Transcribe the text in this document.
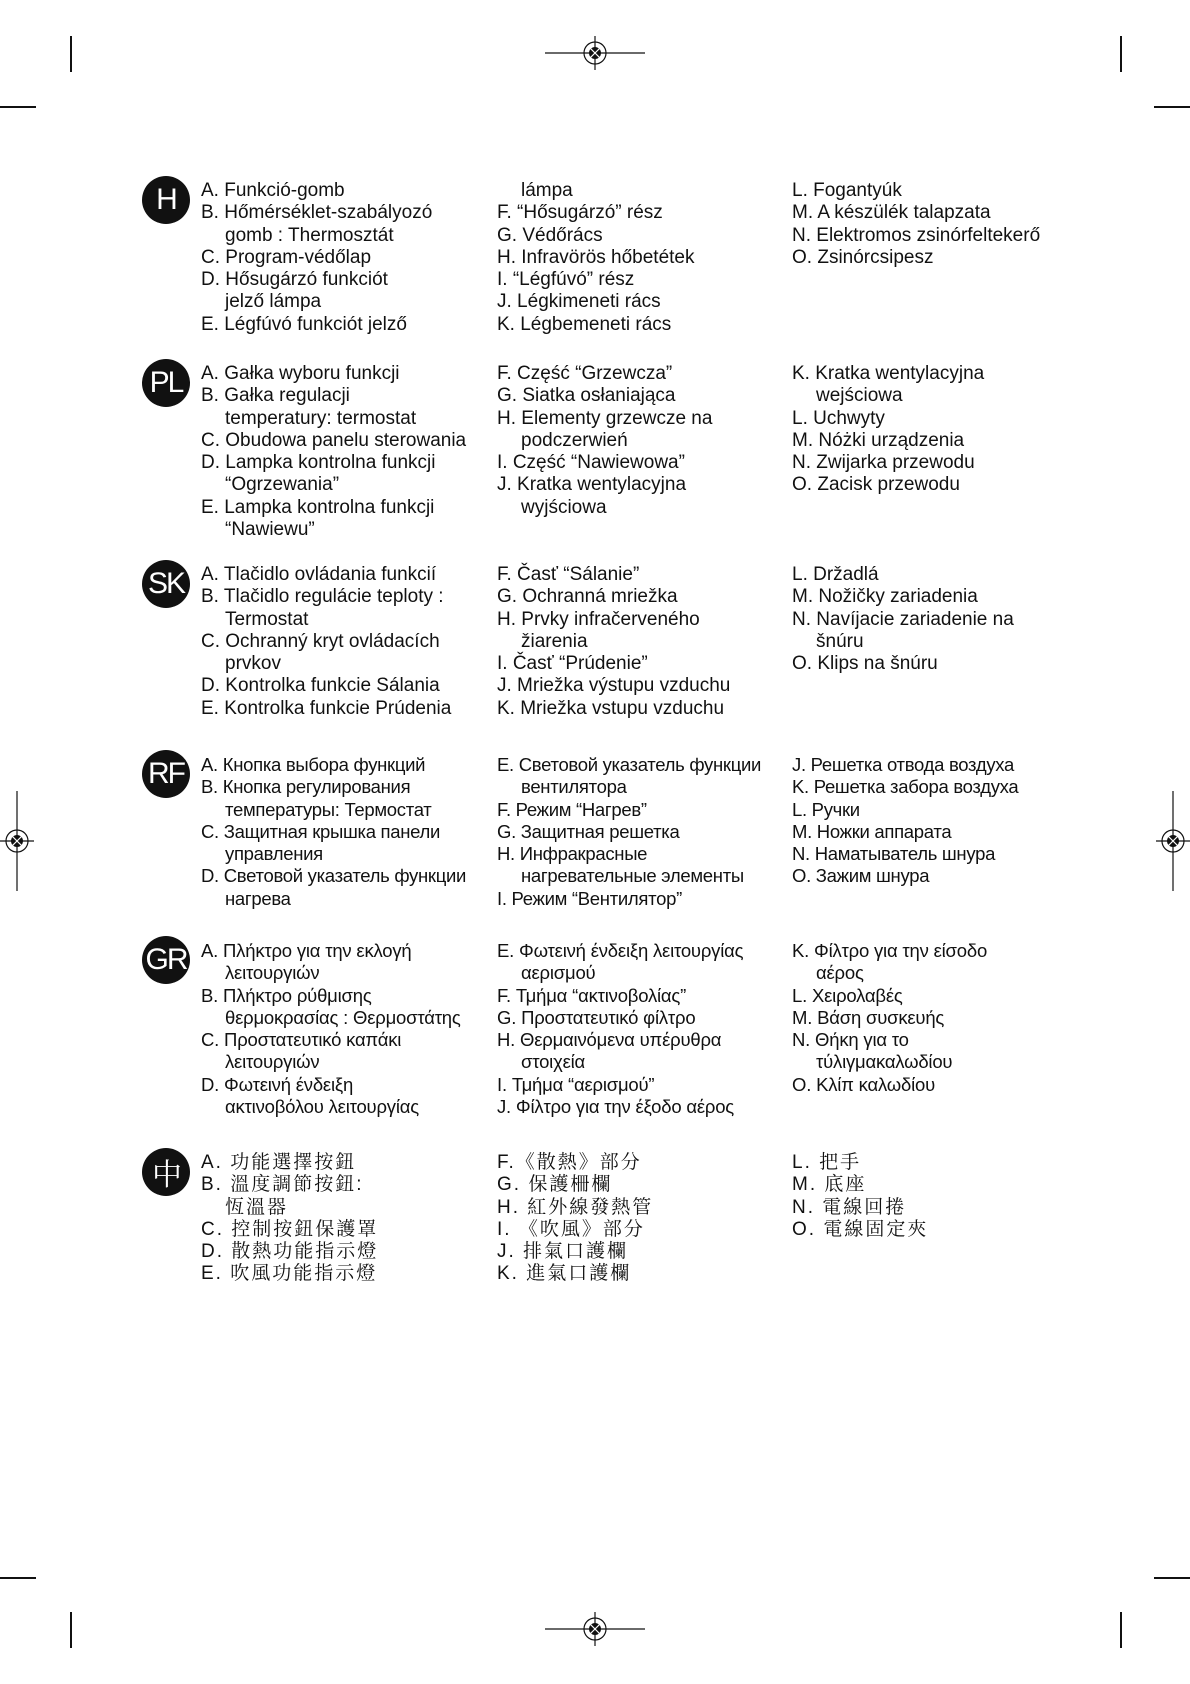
H	A. Funkció-gomb
B. Hőmérséklet-szabályozó
gomb : Thermosztát
C. Program-védőlap
D. Hősugárzó funkciót
jelző lámpa
E. Légfúvó funkciót jelző
lámpa
F. “Hősugárzó” rész
G. Védőrács
H. Infravörös hőbetétek
I. “Légfúvó” rész
J. Légkimeneti rács
K. Légbemeneti rács
L. Fogantyúk
M. A készülék talapzata
N. Elektromos zsinórfeltekerő
O. Zsinórcsipesz
PL A. Gałka wyboru funkcji
B. Gałka regulacji
temperatury: termostat
C. Obudowa panelu sterowania
D. Lampka kontrolna funkcji
“Ogrzewania”
E. Lampka kontrolna funkcji
“Nawiewu”
F. Część “Grzewcza”
G. Siatka osłaniająca
H. Elementy grzewcze na
podczerwień
I. Część “Nawiewowa”
J. Kratka wentylacyjna
wyjściowa
K. Kratka wentylacyjna
wejściowa
L. Uchwyty
M. Nóżki urządzenia
N. Zwijarka przewodu
O. Zacisk przewodu
SK A. Tlačidlo ovládania funkcií
B. Tlačidlo regulácie teploty :
Termostat
C. Ochranný kryt ovládacích
prvkov
D. Kontrolka funkcie Sálania
E. Kontrolka funkcie Prúdenia
F. Časť “Sálanie”
G. Ochranná mriežka
H. Prvky infračerveného
žiarenia
I. Časť “Prúdenie”
J. Mriežka výstupu vzduchu
K. Mriežka vstupu vzduchu
L. Držadlá
M. Nožičky zariadenia
N. Navíjacie zariadenie na
šnúru
O. Klips na šnúru
RF A. Кнопка выбора функций
B. Кнопка регулирования
температуры: Термостат
C. Защитная крышка панели
управления
D. Световой указатель функции
нагрева
E. Световой указатель функции
вентилятора
F. Режим “Нагрев”
G. Защитная решетка
H. Инфракрасные
нагревательные элементы
I. Режим “Вентилятор”
J. Решетка отвода воздуха
K. Решетка забора воздуха
L. Ручки
M. Ножки аппарата
N. Наматыватель шнура
O. Зажим шнура
GR A. Πλήκτρο για την εκλογή
λειτουργιών
B. Πλήκτρο ρύθμισης
θερμοκρασίας : Θερμοστάτης
C. Προστατευτικό καπάκι
λειτουργιών
D. Φωτεινή ένδειξη
ακτινοβόλου λειτουργίας
E. Φωτεινή ένδειξη λειτουργίας
αερισμού
F. Τμήμα “ακτινοβολίας”
G. Προστατευτικό φίλτρο
H. Θερμαινόμενα υπέρυθρα
στοιχεία
I. Τμήμα “αερισμού”
J. Φίλτρο για την έξοδο αέρος
K. Φίλτρο για την είσοδο
αέρος
L. Χειρολαβές
M. Βάση συσκευής
N. Θήκη για το
τύλιγμακαλωδίου
O. Κλίπ καλωδίου
中	A. 功能選擇按鈕
B. 溫度調節按鈕:
恆溫器
C. 控制按鈕保護罩
D. 散熱功能指示燈
E. 吹風功能指示燈
F.《散熱》部分
G. 保護柵欄
H. 紅外線發熱管
I. 《吹風》部分
J. 排氣口護欄
K. 進氣口護欄
L. 把手
M. 底座
N. 電線回捲
O. 電線固定夾
